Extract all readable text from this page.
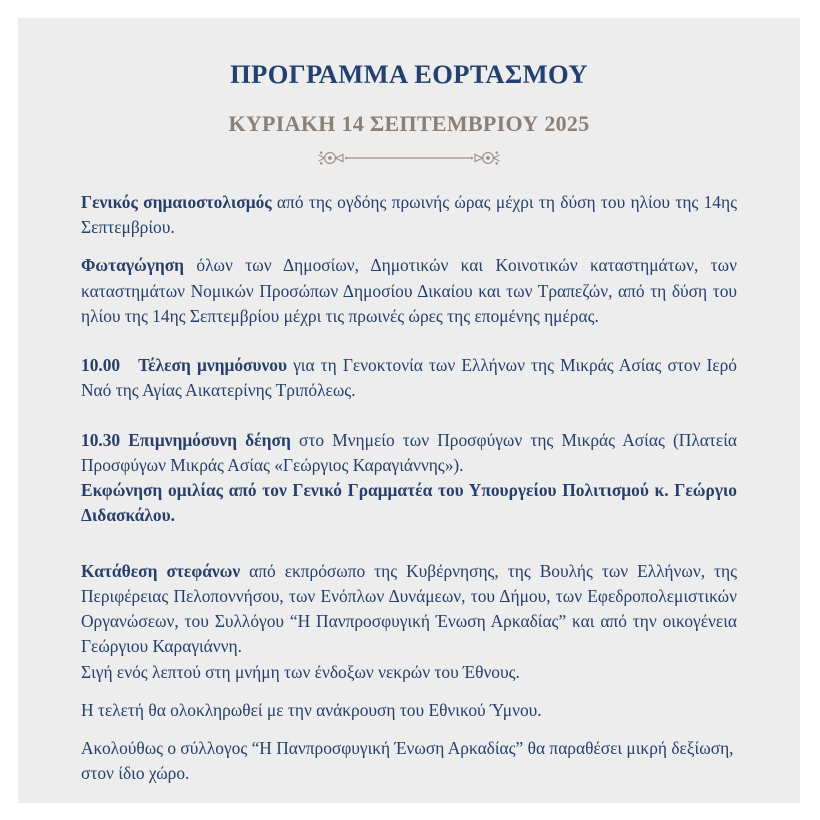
ΠΡΟΓΡΑΜΜΑ ΕΟΡΤΑΣΜΟΥ
ΚΥΡΙΑΚΗ 14 ΣΕΠΤΕΜΒΡΙΟΥ 2025

Γενικός σημαιοστολισμός από της ογδόης πρωινής ώρας μέχρι τη δύση του ηλίου της 14ης Σεπτεμβρίου.

Φωταγώγηση όλων των Δημοσίων, Δημοτικών και Κοινοτικών καταστημάτων, των καταστημάτων Νομικών Προσώπων Δημοσίου Δικαίου και των Τραπεζών, από τη δύση του ηλίου της 14ης Σεπτεμβρίου μέχρι τις πρωινές ώρες της επομένης ημέρας.

10.00 Τέλεση μνημόσυνου για τη Γενοκτονία των Ελλήνων της Μικράς Ασίας στον Ιερό Ναό της Αγίας Αικατερίνης Τριπόλεως.

10.30 Επιμνημόσυνη δέηση στο Μνημείο των Προσφύγων της Μικράς Ασίας (Πλατεία Προσφύγων Μικράς Ασίας «Γεώργιος Καραγιάννης»).

Εκφώνηση ομιλίας από τον Γενικό Γραμματέα του Υπουργείου Πολιτισμού κ. Γεώργιο Διδασκάλου.

Κατάθεση στεφάνων από εκπρόσωπο της Κυβέρνησης, της Βουλής των Ελλήνων, της Περιφέρειας Πελοποννήσου, των Ενόπλων Δυνάμεων, του Δήμου, των Εφεδροπολεμιστικών Οργανώσεων, του Συλλόγου “Η Πανπροσφυγική Ένωση Αρκαδίας” και από την οικογένεια Γεώργιου Καραγιάννη.

Σιγή ενός λεπτού στη μνήμη των ένδοξων νεκρών του Έθνους.

Η τελετή θα ολοκληρωθεί με την ανάκρουση του Εθνικού Ύμνου.

Ακολούθως ο σύλλογος “Η Πανπροσφυγική Ένωση Αρκαδίας” θα παραθέσει μικρή δεξίωση, στον ίδιο χώρο.
